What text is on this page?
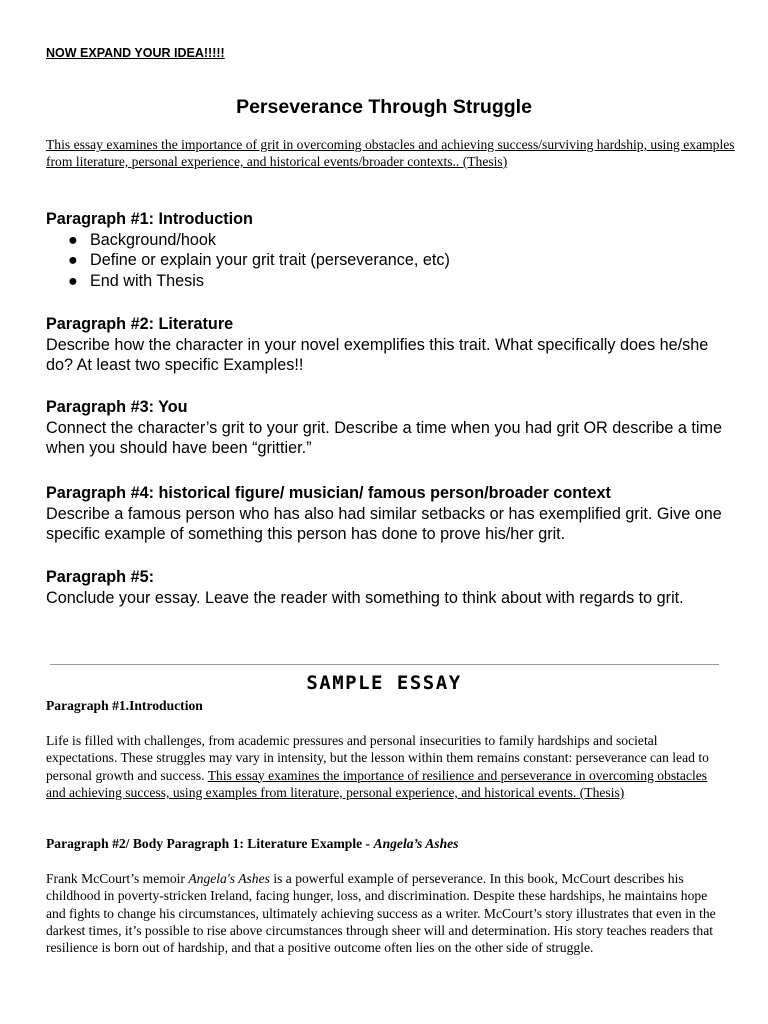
NOW EXPAND YOUR IDEA!!!!!
Perseverance Through Struggle
This essay examines the importance of grit in overcoming obstacles and achieving success/surviving hardship, using examples from literature, personal experience, and historical events/broader contexts.. (Thesis)
Paragraph #1: Introduction
● Background/hook
● Define or explain your grit trait (perseverance, etc)
● End with Thesis
Paragraph #2: Literature
Describe how the character in your novel exemplifies this trait. What specifically does he/she do? At least two specific Examples!!
Paragraph #3: You
Connect the character’s grit to your grit. Describe a time when you had grit OR describe a time when you should have been “grittier.”
Paragraph #4: historical figure/ musician/ famous person/broader context
Describe a famous person who has also had similar setbacks or has exemplified grit. Give one specific example of something this person has done to prove his/her grit.
Paragraph #5:
Conclude your essay. Leave the reader with something to think about with regards to grit.
SAMPLE ESSAY
Paragraph #1.Introduction
Life is filled with challenges, from academic pressures and personal insecurities to family hardships and societal expectations. These struggles may vary in intensity, but the lesson within them remains constant: perseverance can lead to personal growth and success. This essay examines the importance of resilience and perseverance in overcoming obstacles and achieving success, using examples from literature, personal experience, and historical events. (Thesis)
Paragraph #2/ Body Paragraph 1: Literature Example - Angela’s Ashes
Frank McCourt’s memoir Angela's Ashes is a powerful example of perseverance. In this book, McCourt describes his childhood in poverty-stricken Ireland, facing hunger, loss, and discrimination. Despite these hardships, he maintains hope and fights to change his circumstances, ultimately achieving success as a writer. McCourt’s story illustrates that even in the darkest times, it’s possible to rise above circumstances through sheer will and determination. His story teaches readers that resilience is born out of hardship, and that a positive outcome often lies on the other side of struggle.
